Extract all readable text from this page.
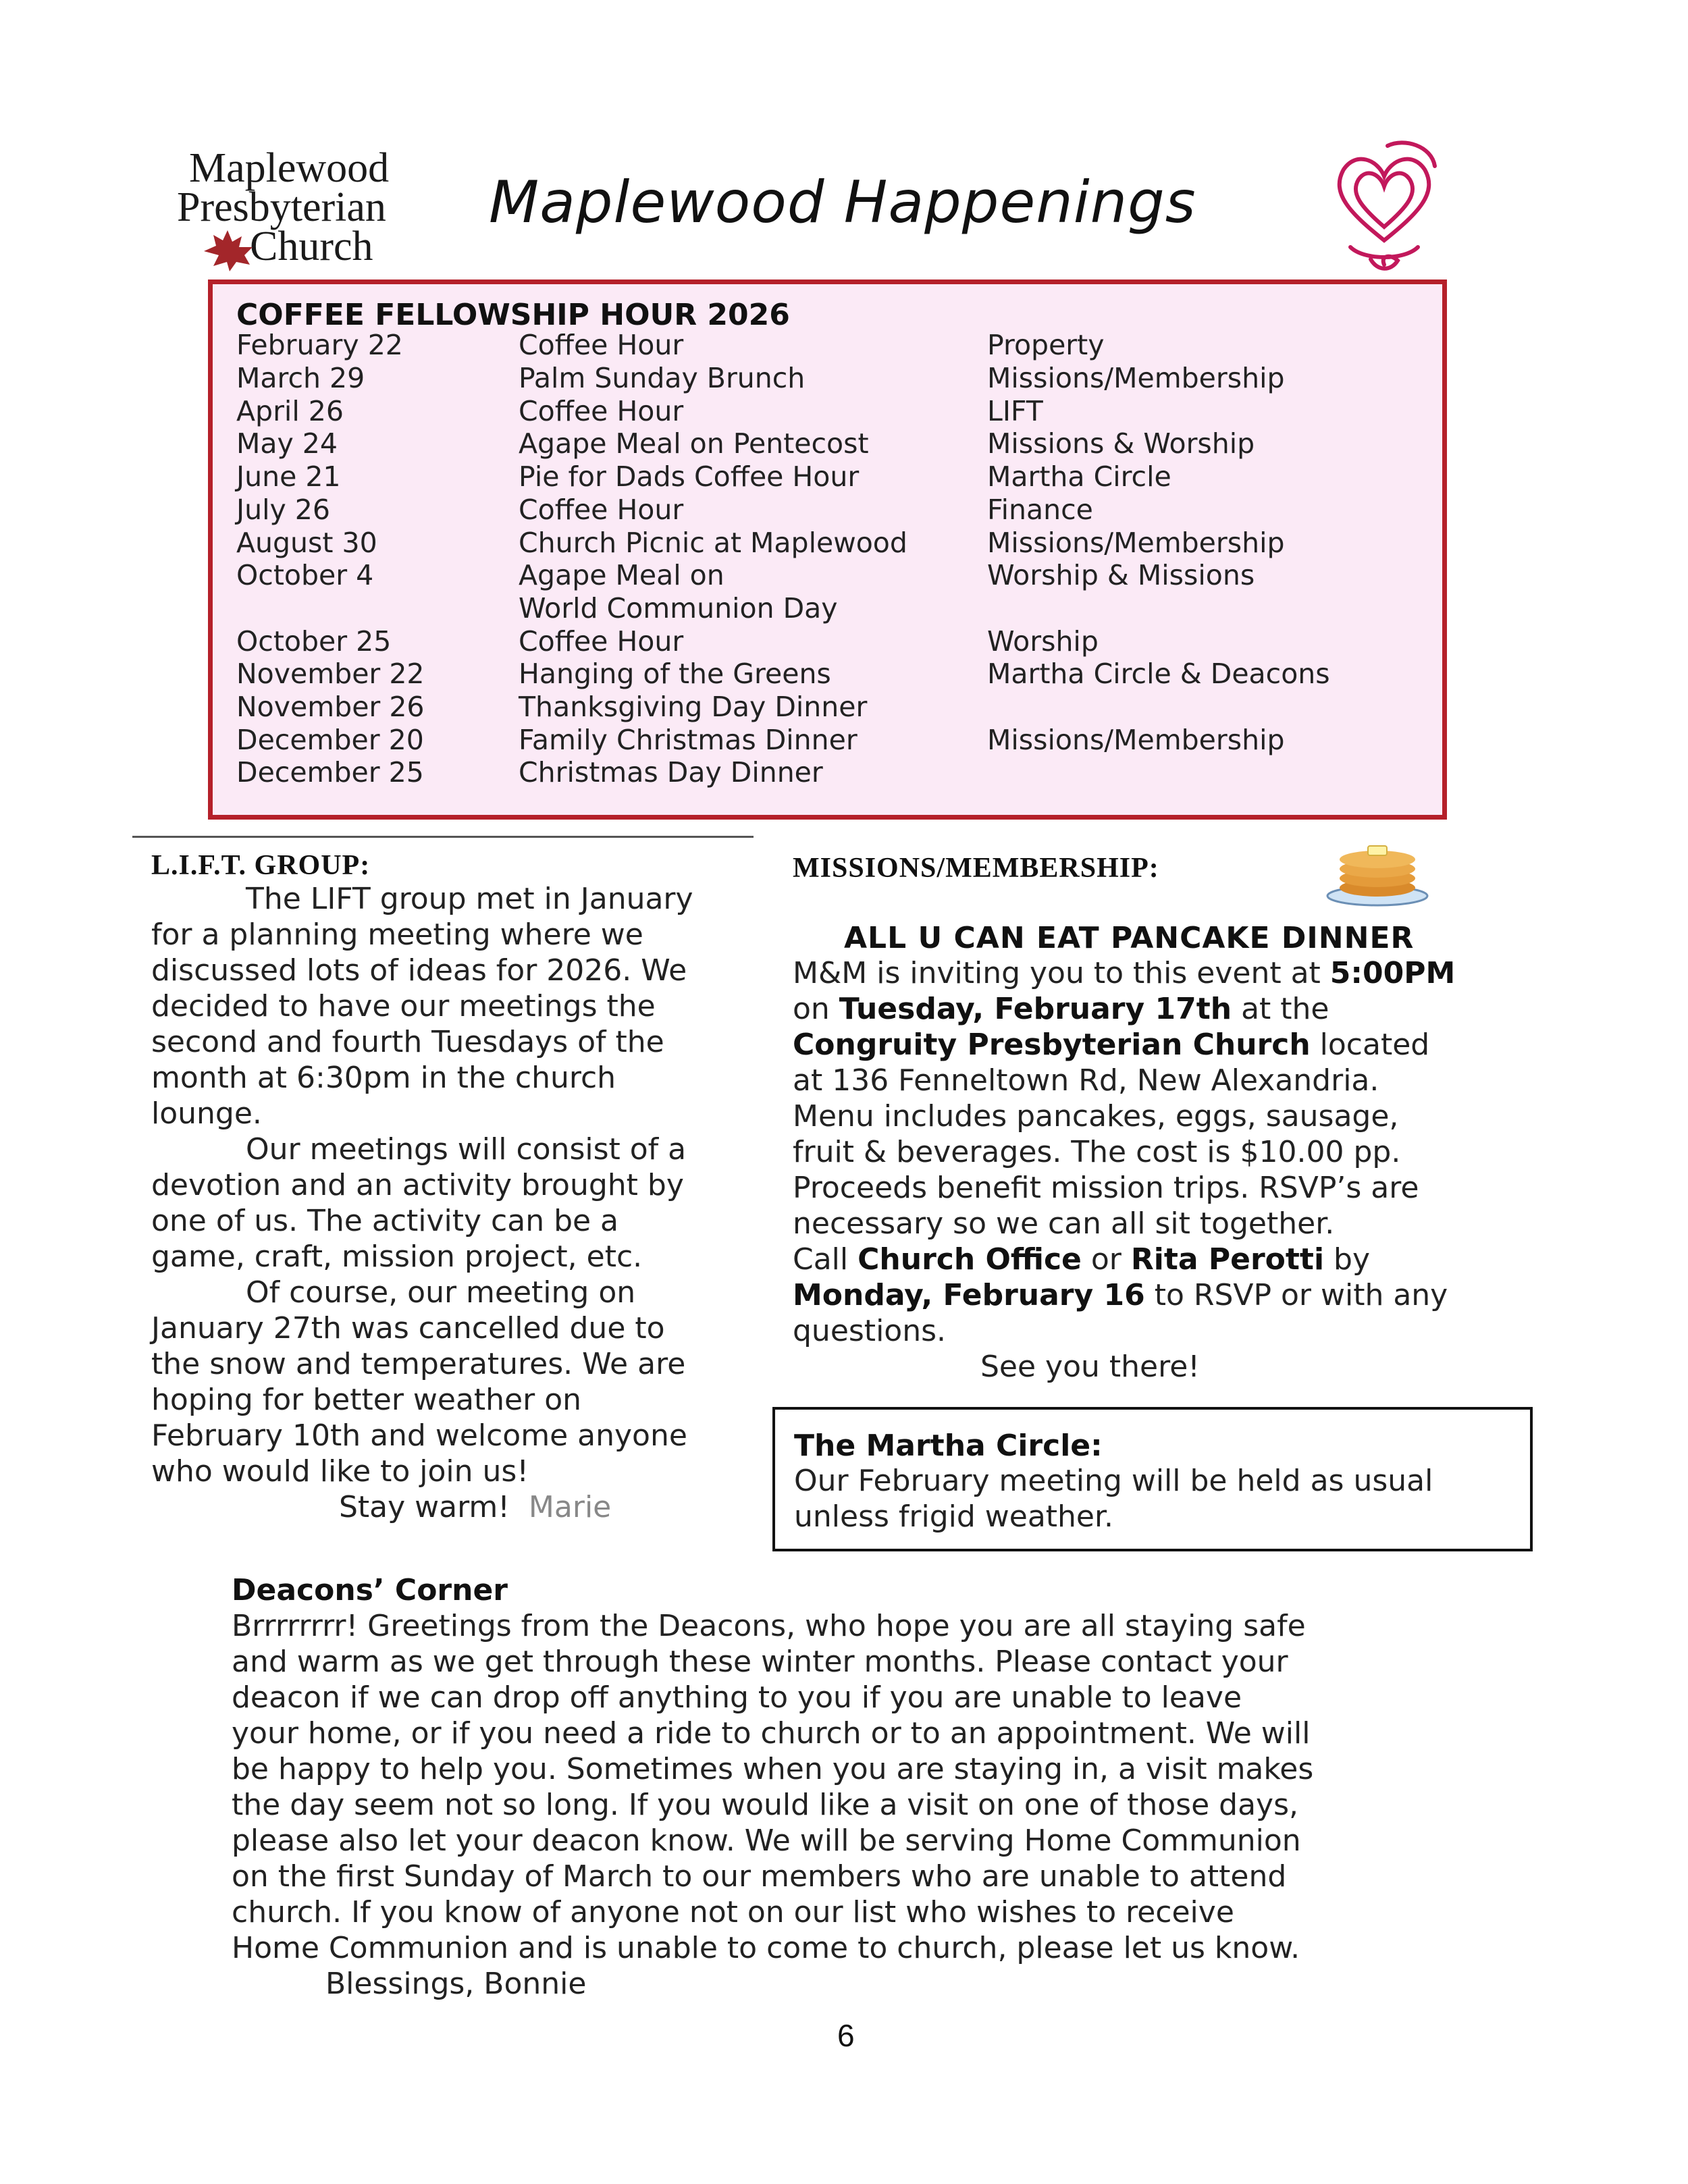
Maplewood
Presbyterian
Church
Maplewood Happenings
COFFEE FELLOWSHIP HOUR 2026
February 22	Coffee Hour	Property
March 29	Palm Sunday Brunch	Missions/Membership
April 26	Coffee Hour	LIFT
May 24	Agape Meal on Pentecost	Missions & Worship
June 21	Pie for Dads Coffee Hour	Martha Circle
July 26	Coffee Hour	Finance
August 30	Church Picnic at Maplewood	Missions/Membership
October 4	Agape Meal on	Worship & Missions
World Communion Day
October 25	Coffee Hour	Worship
November 22	Hanging of the Greens	Martha Circle & Deacons
November 26	Thanksgiving Day Dinner
December 20	Family Christmas Dinner	Missions/Membership
December 25	Christmas Day Dinner
L.I.F.T. GROUP:
The LIFT group met in January
for a planning meeting where we
discussed lots of ideas for 2026. We
decided to have our meetings the
second and fourth Tuesdays of the
month at 6:30pm in the church
lounge.
Our meetings will consist of a
devotion and an activity brought by
one of us. The activity can be a
game, craft, mission project, etc.
Of course, our meeting on
January 27th was cancelled due to
the snow and temperatures. We are
hoping for better weather on
February 10th and welcome anyone
who would like to join us!
Stay warm! Marie
MISSIONS/MEMBERSHIP:
ALL U CAN EAT PANCAKE DINNER
M&M is inviting you to this event at 5:00PM
on Tuesday, February 17th at the
Congruity Presbyterian Church located
at 136 Fenneltown Rd, New Alexandria.
Menu includes pancakes, eggs, sausage,
fruit & beverages. The cost is $10.00 pp.
Proceeds benefit mission trips. RSVP’s are
necessary so we can all sit together.
Call Church Office or Rita Perotti by
Monday, February 16 to RSVP or with any
questions.
See you there!
The Martha Circle:
Our February meeting will be held as usual
unless frigid weather.
Deacons’ Corner
Brrrrrrrr! Greetings from the Deacons, who hope you are all staying safe
and warm as we get through these winter months. Please contact your
deacon if we can drop off anything to you if you are unable to leave
your home, or if you need a ride to church or to an appointment. We will
be happy to help you. Sometimes when you are staying in, a visit makes
the day seem not so long. If you would like a visit on one of those days,
please also let your deacon know. We will be serving Home Communion
on the first Sunday of March to our members who are unable to attend
church. If you know of anyone not on our list who wishes to receive
Home Communion and is unable to come to church, please let us know.
Blessings, Bonnie
6
